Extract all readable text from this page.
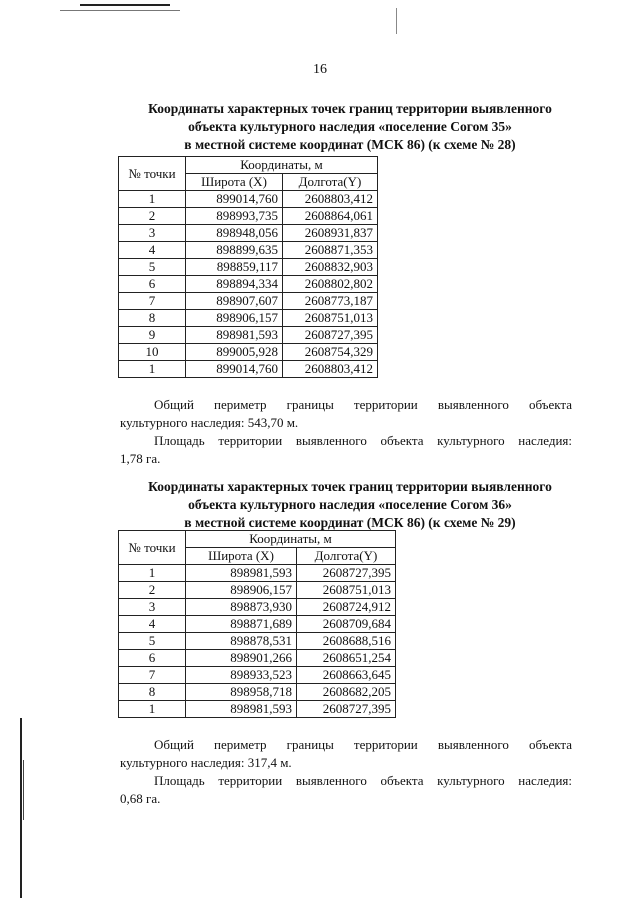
16
Координаты характерных точек границ территории выявленного
объекта культурного наследия «поселение Согом 35»
в местной системе координат (МСК 86) (к схеме № 28)
№ точки	Координаты, м	
	Широта (X)	Долгота(Y)
1	899014,760	2608803,412
2	898993,735	2608864,061
3	898948,056	2608931,837
4	898899,635	2608871,353
5	898859,117	2608832,903
6	898894,334	2608802,802
7	898907,607	2608773,187
8	898906,157	2608751,013
9	898981,593	2608727,395
10	899005,928	2608754,329
1	899014,760	2608803,412
Общий периметр границы территории выявленного объекта
культурного наследия: 543,70 м.
Площадь территории выявленного объекта культурного наследия:
1,78 га.
Координаты характерных точек границ территории выявленного
объекта культурного наследия «поселение Согом 36»
в местной системе координат (МСК 86) (к схеме № 29)
№ точки	Координаты, м	
	Широта (X)	Долгота(Y)
1	898981,593	2608727,395
2	898906,157	2608751,013
3	898873,930	2608724,912
4	898871,689	2608709,684
5	898878,531	2608688,516
6	898901,266	2608651,254
7	898933,523	2608663,645
8	898958,718	2608682,205
1	898981,593	2608727,395
Общий периметр границы территории выявленного объекта
культурного наследия: 317,4 м.
Площадь территории выявленного объекта культурного наследия:
0,68 га.
